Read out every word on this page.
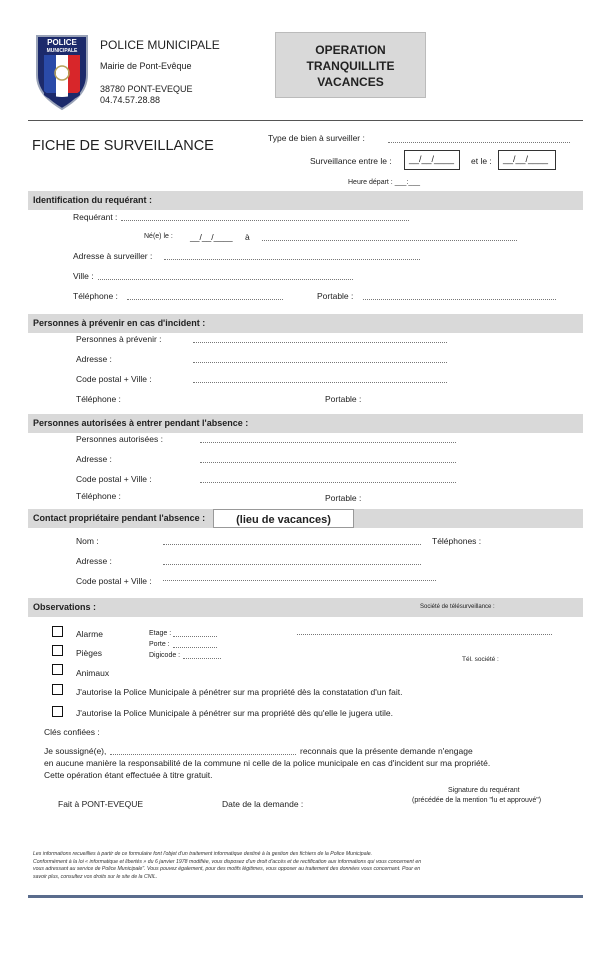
POLICE
MUNICIPALE POLICE MUNICIPALE
Mairie de Pont-Evêque
38780 PONT-EVEQUE
04.74.57.28.88
OPERATION
TRANQUILLITE
VACANCES
FICHE DE SURVEILLANCE	Type de bien à surveiller :
Surveillance entre le : __/__/____ et le : __/__/____
Heure départ : ___:___
Identification du requérant :
Requérant :
Né(e) le : __/__/____ à
Adresse à surveiller :
Ville :
Téléphone :	Portable :
Personnes à prévenir en cas d'incident :
Personnes à prévenir :
Adresse :
Code postal + Ville :
Téléphone :	Portable :
Personnes autorisées à entrer pendant l'absence :
Personnes autorisées :
Adresse :
Code postal + Ville :
Téléphone :	Portable :
Contact propriétaire pendant l'absence :	(lieu de vacances)
Nom :	Téléphones :
Adresse :
Code postal + Ville :
Observations :	Société de télésurveillance :
Alarme	Etage :
Porte :
Pièges	Digicode :
Tél. société :
Animaux
J'autorise la Police Municipale à pénétrer sur ma propriété dès la constatation d'un fait.
J'autorise la Police Municipale à pénétrer sur ma propriété dès qu'elle le jugera utile.
Clés confiées :
Je soussigné(e),	reconnais que la présente demande n'engage
en aucune manière la responsabilité de la commune ni celle de la police municipale en cas d'incident sur ma propriété.
Cette opération étant effectuée à titre gratuit.
Signature du requérant
(précédée de la mention "lu et approuvé")
Fait à PONT-EVEQUE	Date de la demande :
Les informations recueillies à partir de ce formulaire font l'objet d'un traitement informatique destiné à la gestion des fichiers de la Police Municipale.
Conformément à la loi « informatique et libertés » du 6 janvier 1978 modifiée, vous disposez d'un droit d'accès et de rectification aux informations qui vous concernent en
vous adressant au service de Police Municipale". Vous pouvez également, pour des motifs légitimes, vous opposer au traitement des données vous concernant. Pour en
savoir plus, consultez vos droits sur le site de la CNIL.
